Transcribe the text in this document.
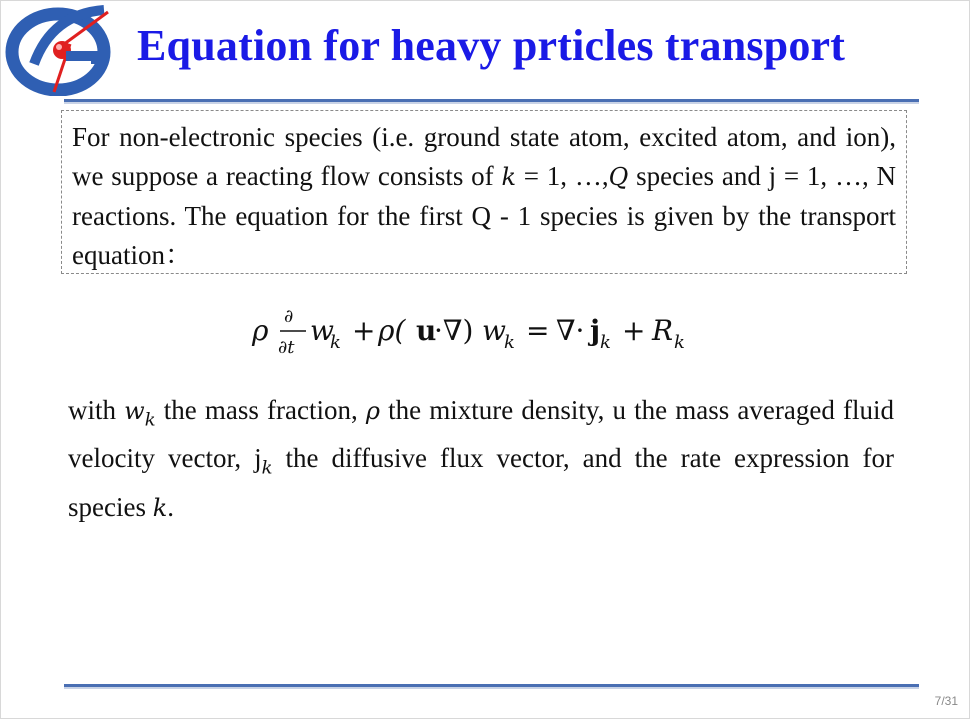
Equation for heavy prticles transport

For non-electronic species (i.e. ground state atom, excited atom, and ion), we suppose a reacting flow consists of k = 1, …,Q species and j = 1, …, N reactions. The equation for the first Q - 1 species is given by the transport equation：

ρ ∂
∂t
w
k + ρ( u
·∇) w
k = ∇· j k + R k

with $w_k$ the mass fraction, ρ the mixture density, u the mass averaged fluid velocity vector, $j_k$ the diffusive flux vector, and the rate expression for species k.

7/31
